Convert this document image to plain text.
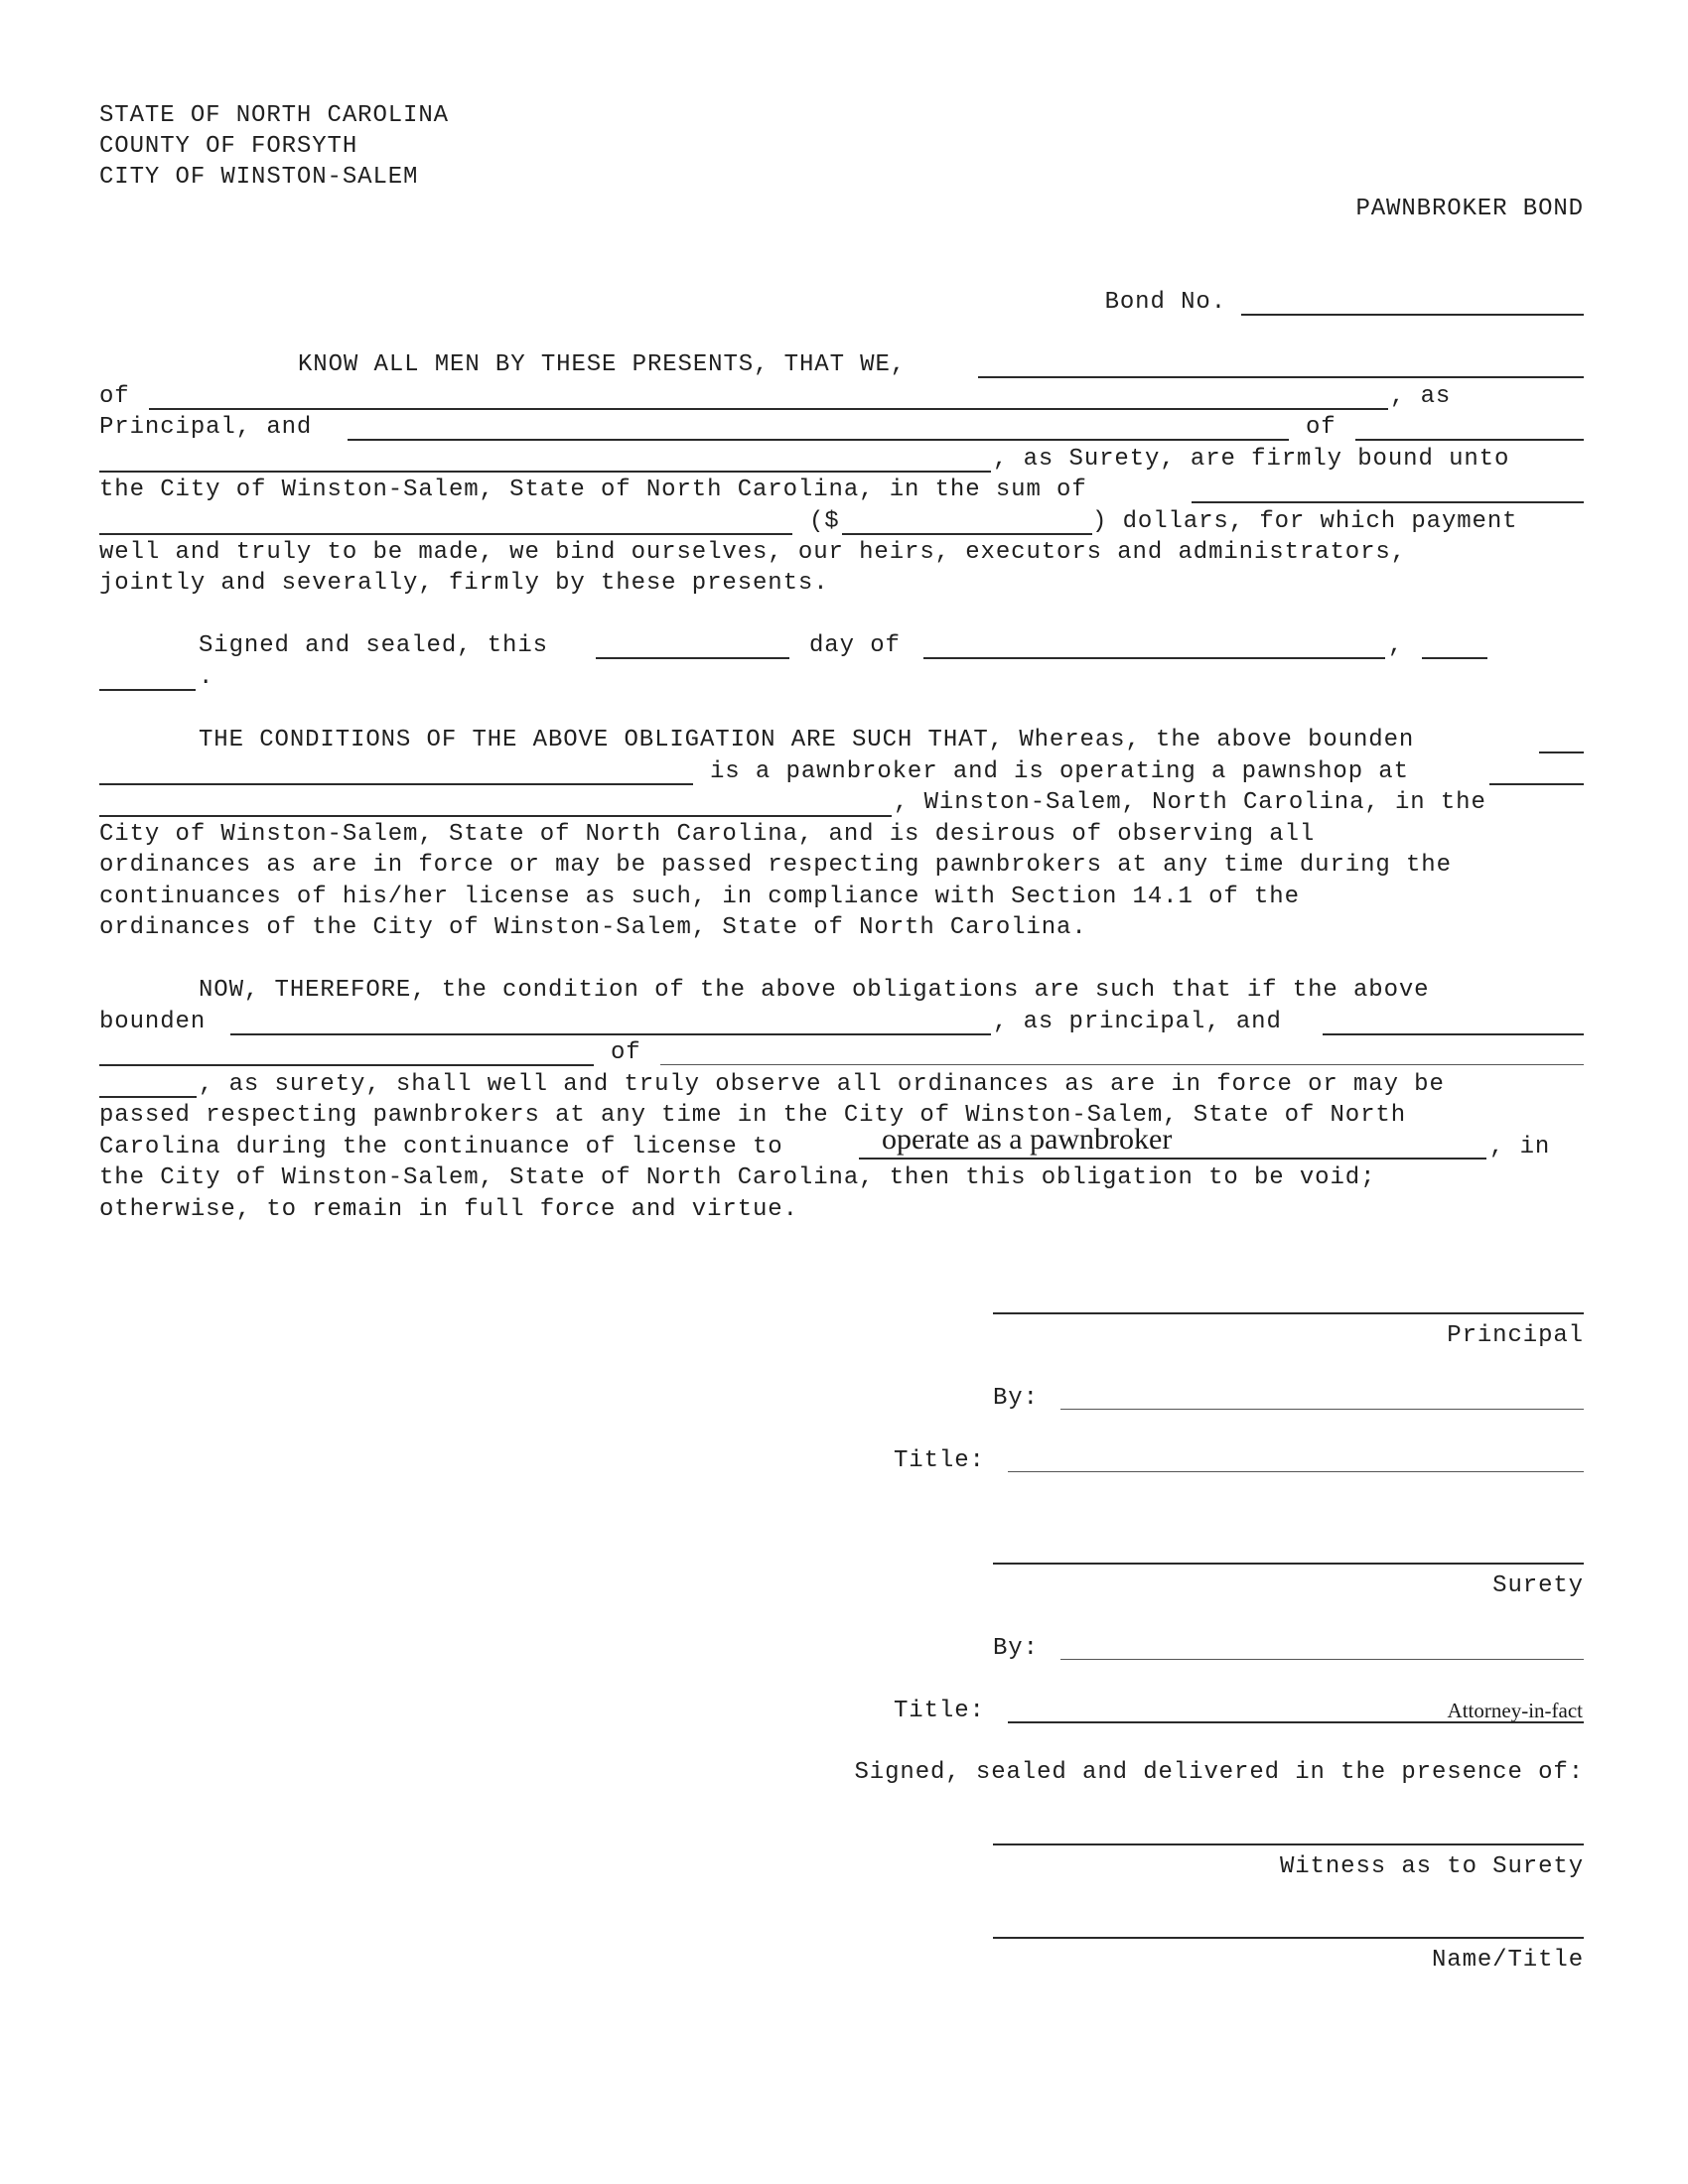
STATE OF NORTH CAROLINA
COUNTY OF FORSYTH
CITY OF WINSTON-SALEM
PAWNBROKER BOND
Bond No.
KNOW ALL MEN BY THESE PRESENTS, THAT WE,
of	, as
Principal, and	of
, as Surety, are firmly bound unto
the City of Winston-Salem, State of North Carolina, in the sum of
($	) dollars, for which payment
well and truly to be made, we bind ourselves, our heirs, executors and administrators,
jointly and severally, firmly by these presents.
Signed and sealed, this	day of	,
.
THE CONDITIONS OF THE ABOVE OBLIGATION ARE SUCH THAT, Whereas, the above bounden
is a pawnbroker and is operating a pawnshop at
, Winston-Salem, North Carolina, in the
City of Winston-Salem, State of North Carolina, and is desirous of observing all
ordinances as are in force or may be passed respecting pawnbrokers at any time during the
continuances of his/her license as such, in compliance with Section 14.1 of the
ordinances of the City of Winston-Salem, State of North Carolina.
NOW, THEREFORE, the condition of the above obligations are such that if the above
bounden	, as principal, and
of
, as surety, shall well and truly observe all ordinances as are in force or may be
passed respecting pawnbrokers at any time in the City of Winston-Salem, State of North
Carolina during the continuance of license to	operate as a pawnbroker	, in
the City of Winston-Salem, State of North Carolina, then this obligation to be void;
otherwise, to remain in full force and virtue.
Principal
By:
Title:
Surety
By:
Title:	Attorney-in-fact
Signed, sealed and delivered in the presence of:
Witness as to Surety
Name/Title
